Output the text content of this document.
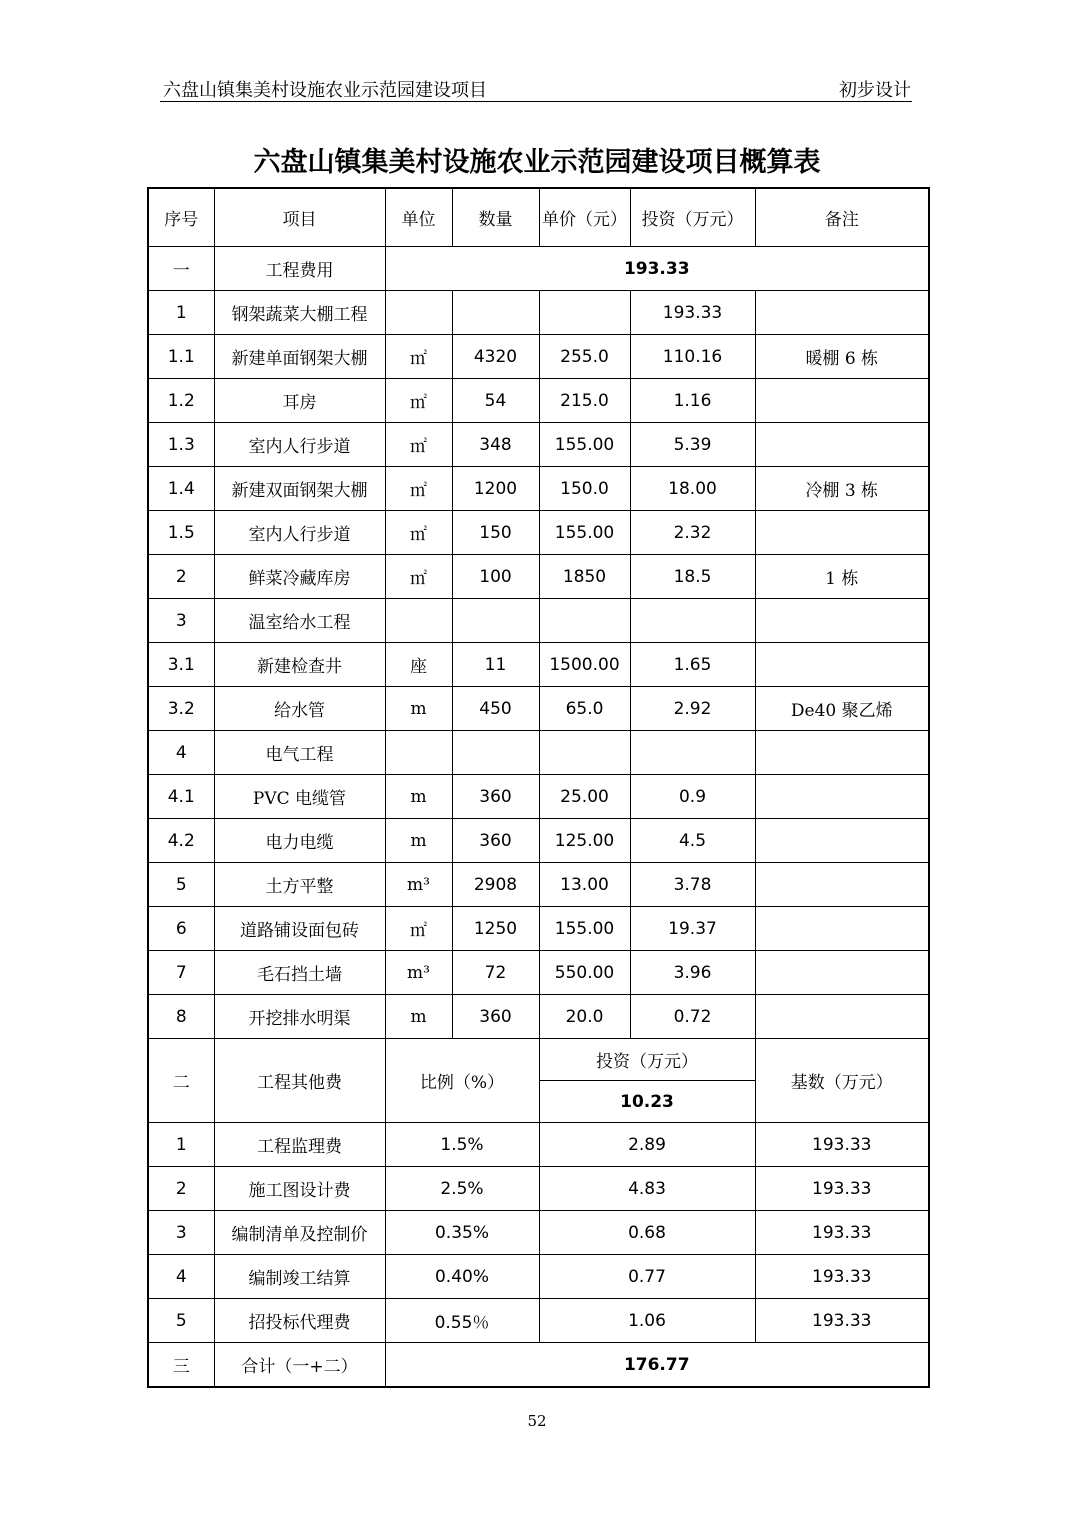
六盘山镇集美村设施农业示范园建设项目	初步设计
六盘山镇集美村设施农业示范园建设项目概算表
序号	项目	单位	数量	单价（元）	投资（万元）	备注
一	工程费用	193.33				
1	钢架蔬菜大棚工程				193.33	
1.1	新建单面钢架大棚	㎡	4320	255.0	110.16	暖棚 6 栋
1.2	耳房	㎡	54	215.0	1.16	
1.3	室内人行步道	㎡	348	155.00	5.39	
1.4	新建双面钢架大棚	㎡	1200	150.0	18.00	冷棚 3 栋
1.5	室内人行步道	㎡	150	155.00	2.32	
2	鲜菜冷藏库房	㎡	100	1850	18.5	1 栋
3	温室给水工程					
3.1	新建检查井	座	11	1500.00	1.65	
3.2	给水管	m	450	65.0	2.92	De40 聚乙烯
4	电气工程					
4.1	PVC 电缆管	m	360	25.00	0.9	
4.2	电力电缆	m	360	125.00	4.5	
5	土方平整	m³	2908	13.00	3.78	
6	道路铺设面包砖	㎡	1250	155.00	19.37	
7	毛石挡土墙	m³	72	550.00	3.96	
8	开挖排水明渠	m	360	20.0	0.72	
二	工程其他费	比例（%）		投资（万元）		基数（万元）
				10.23		
1	工程监理费	1.5%		2.89		193.33
2	施工图设计费	2.5%		4.83		193.33
3	编制清单及控制价	0.35%		0.68		193.33
4	编制竣工结算	0.40%		0.77		193.33
5	招投标代理费	0.55％		1.06		193.33
三	合计（一+二）	176.77				
52
